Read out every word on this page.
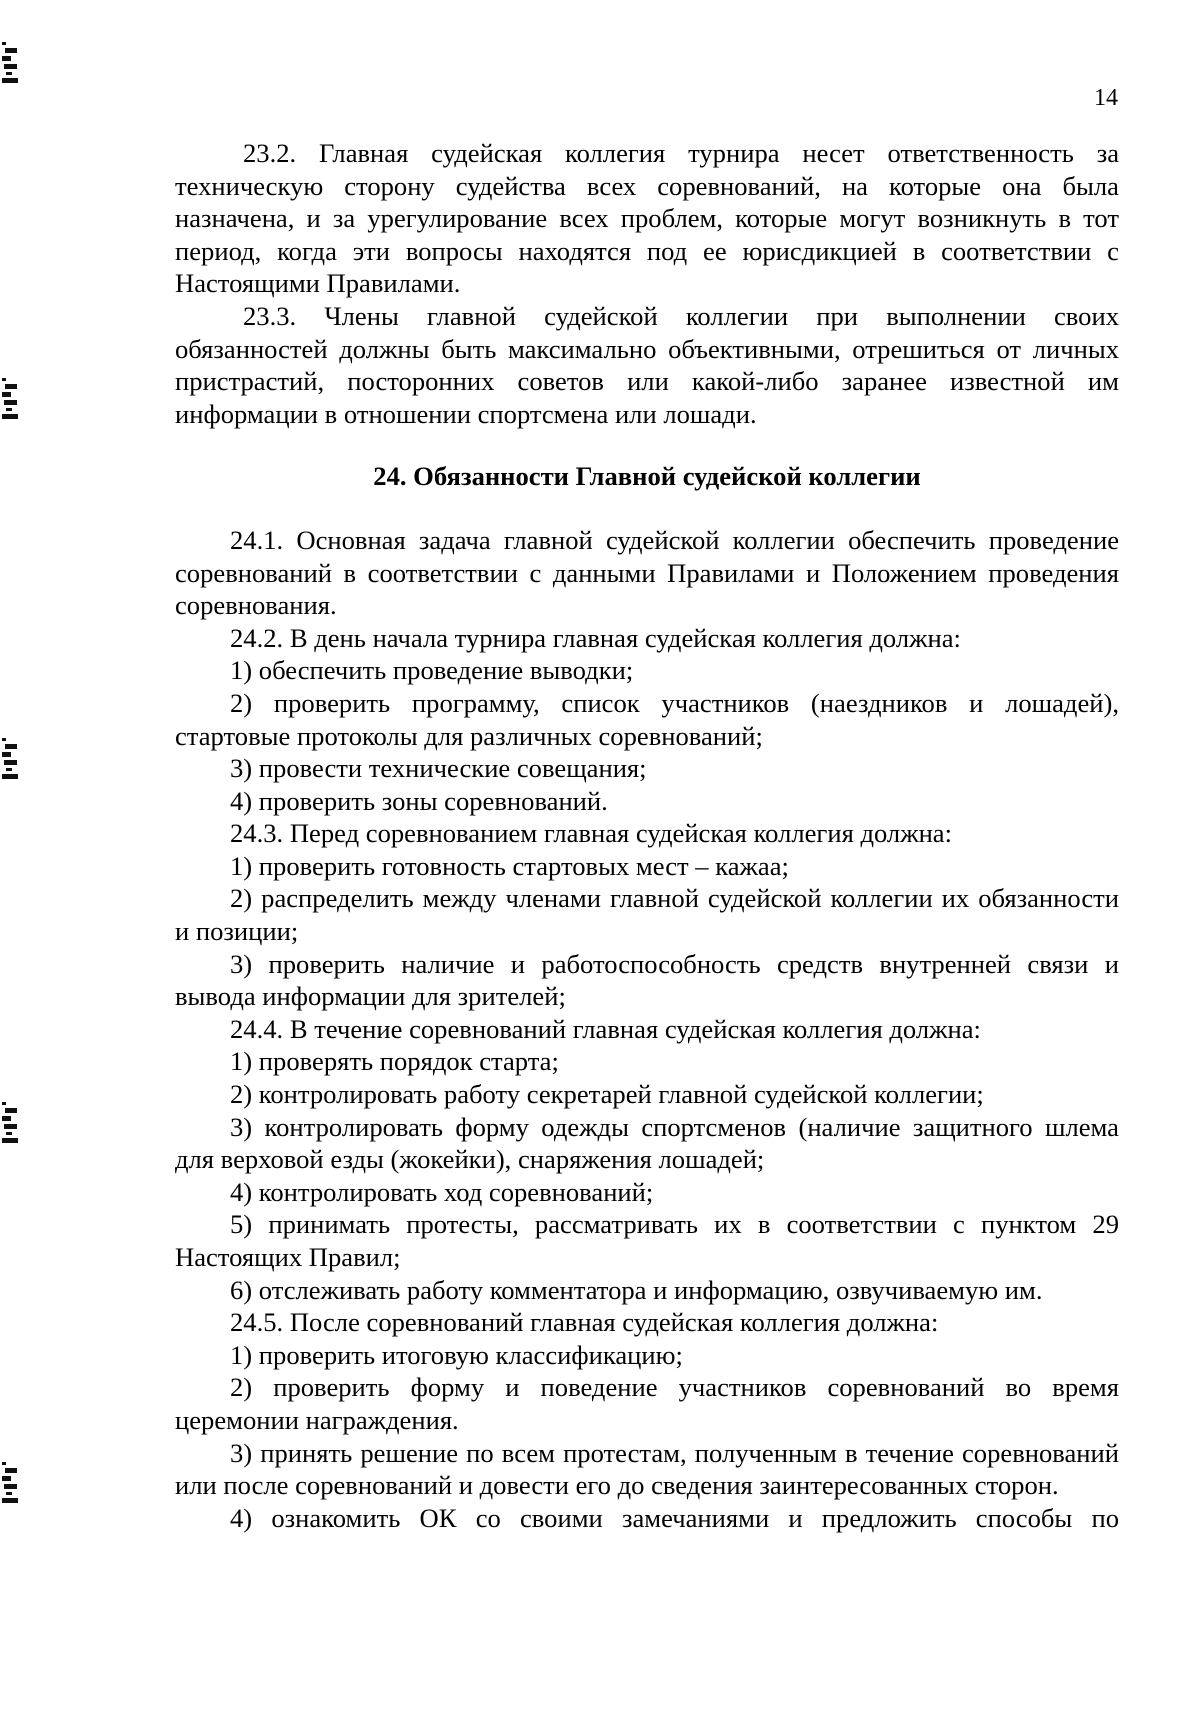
14

23.2. Главная судейская коллегия турнира несет ответственность за техническую сторону судейства всех соревнований, на которые она была назначена, и за урегулирование всех проблем, которые могут возникнуть в тот период, когда эти вопросы находятся под ее юрисдикцией в соответствии с Настоящими Правилами.

23.3. Члены главной судейской коллегии при выполнении своих обязанностей должны быть максимально объективными, отрешиться от личных пристрастий, посторонних советов или какой-либо заранее известной им информации в отношении спортсмена или лошади.

24. Обязанности Главной судейской коллегии

24.1. Основная задача главной судейской коллегии обеспечить проведение соревнований в соответствии с данными Правилами и Положением проведения соревнования.

24.2. В день начала турнира главная судейская коллегия должна:

1) обеспечить проведение выводки;

2) проверить программу, список участников (наездников и лошадей), стартовые протоколы для различных соревнований;

3) провести технические совещания;

4) проверить зоны соревнований.

24.3. Перед соревнованием главная судейская коллегия должна:

1) проверить готовность стартовых мест – кажаа;

2) распределить между членами главной судейской коллегии их обязанности и позиции;

3) проверить наличие и работоспособность средств внутренней связи и вывода информации для зрителей;

24.4. В течение соревнований главная судейская коллегия должна:

1) проверять порядок старта;

2) контролировать работу секретарей главной судейской коллегии;

3) контролировать форму одежды спортсменов (наличие защитного шлема для верховой езды (жокейки), снаряжения лошадей;

4) контролировать ход соревнований;

5) принимать протесты, рассматривать их в соответствии с пунктом 29 Настоящих Правил;

6) отслеживать работу комментатора и информацию, озвучиваемую им.

24.5. После соревнований главная судейская коллегия должна:

1) проверить итоговую классификацию;

2) проверить форму и поведение участников соревнований во время церемонии награждения.

3) принять решение по всем протестам, полученным в течение соревнований или после соревнований и довести его до сведения заинтересованных сторон.

4) ознакомить ОК со своими замечаниями и предложить способы по
